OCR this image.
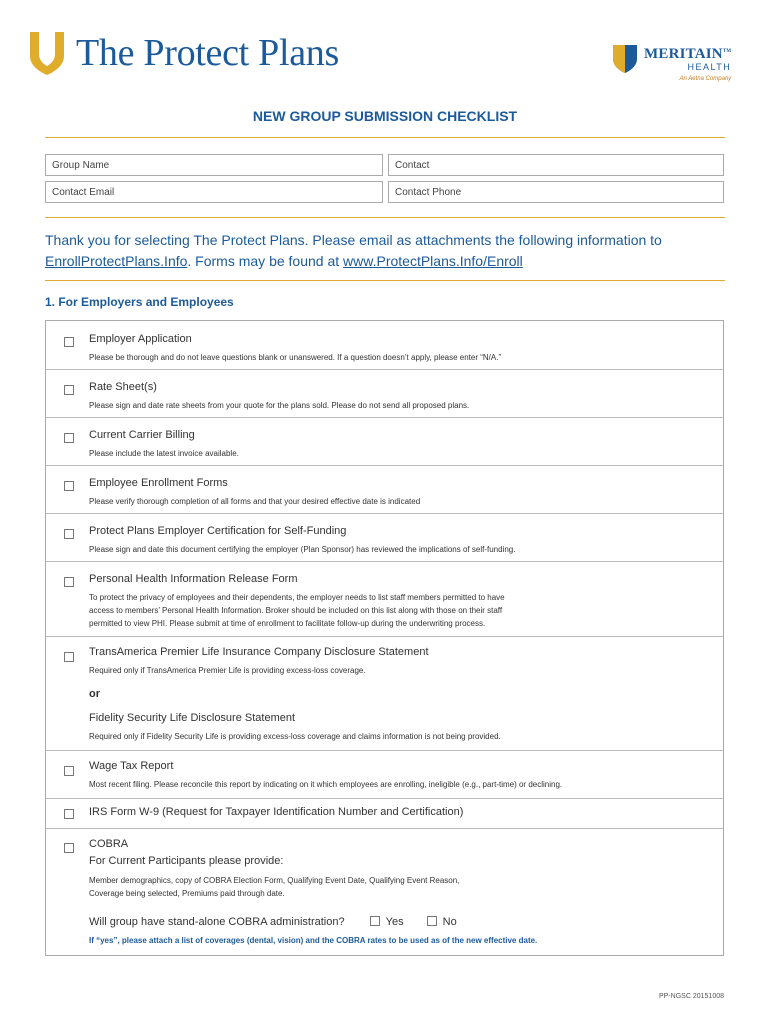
The Protect Plans	MERITAIN™
HEALTH
An Aetna Company
NEW GROUP SUBMISSION CHECKLIST
Group Name	Contact
Contact Email	Contact Phone
Thank you for selecting The Protect Plans. Please email as attachments the following information to
EnrollProtectPlans.Info. Forms may be found at www.ProtectPlans.Info/Enroll
1. For Employers and Employees
Employer Application
Please be thorough and do not leave questions blank or unanswered. If a question doesn’t apply, please enter “N/A.”
Rate Sheet(s)
Please sign and date rate sheets from your quote for the plans sold. Please do not send all proposed plans.
Current Carrier Billing
Please include the latest invoice available.
Employee Enrollment Forms
Please verify thorough completion of all forms and that your desired effective date is indicated
Protect Plans Employer Certification for Self-Funding
Please sign and date this document certifying the employer (Plan Sponsor) has reviewed the implications of self-funding.
Personal Health Information Release Form
To protect the privacy of employees and their dependents, the employer needs to list staff members permitted to have
access to members’ Personal Health Information. Broker should be included on this list along with those on their staff
permitted to view PHI. Please submit at time of enrollment to facilitate follow-up during the underwriting process.
TransAmerica Premier Life Insurance Company Disclosure Statement
Required only if TransAmerica Premier Life is providing excess-loss coverage.
or
Fidelity Security Life Disclosure Statement
Required only if Fidelity Security Life is providing excess-loss coverage and claims information is not being provided.
Wage Tax Report
Most recent filing. Please reconcile this report by indicating on it which employees are enrolling, ineligible (e.g., part-time) or declining.
IRS Form W-9 (Request for Taxpayer Identification Number and Certification)
COBRA
For Current Participants please provide:
Member demographics, copy of COBRA Election Form, Qualifying Event Date, Qualifying Event Reason,
Coverage being selected, Premiums paid through date.
Will group have stand-alone COBRA administration?	Yes	No
If “yes”, please attach a list of coverages (dental, vision) and the COBRA rates to be used as of the new effective date.
PP-NGSC 20151008
